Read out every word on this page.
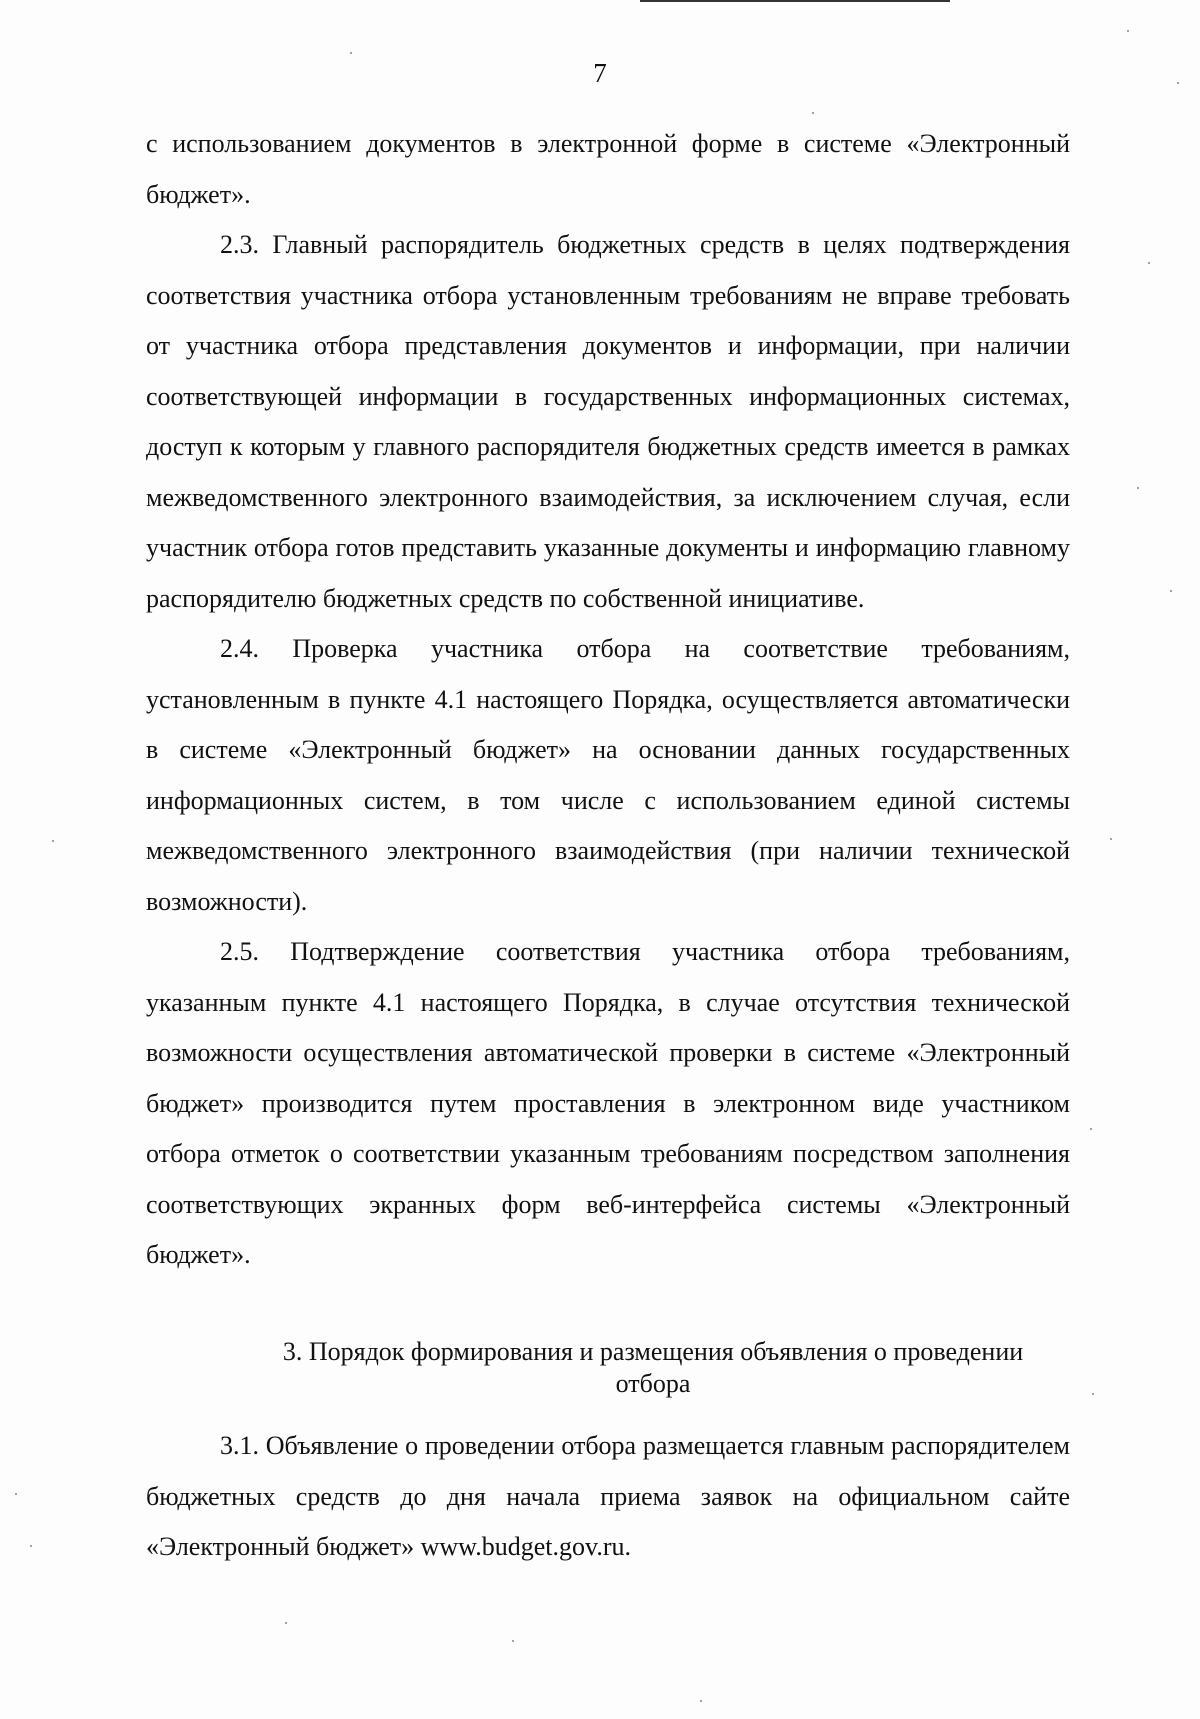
7

с использованием документов в электронной форме в системе «Электронный бюджет».

2.3. Главный распорядитель бюджетных средств в целях подтверждения соответствия участника отбора установленным требованиям не вправе требовать от участника отбора представления документов и информации, при наличии соответствующей информации в государственных информационных системах, доступ к которым у главного распорядителя бюджетных средств имеется в рамках межведомственного электронного взаимодействия, за исключением случая, если участник отбора готов представить указанные документы и информацию главному распорядителю бюджетных средств по собственной инициативе.

2.4. Проверка участника отбора на соответствие требованиям, установленным в пункте 4.1 настоящего Порядка, осуществляется автоматически в системе «Электронный бюджет» на основании данных государственных информационных систем, в том числе с использованием единой системы межведомственного электронного взаимодействия (при наличии технической возможности).

2.5. Подтверждение соответствия участника отбора требованиям, указанным пункте 4.1 настоящего Порядка, в случае отсутствия технической возможности осуществления автоматической проверки в системе «Электронный бюджет» производится путем проставления в электронном виде участником отбора отметок о соответствии указанным требованиям посредством заполнения соответствующих экранных форм веб-интерфейса системы «Электронный бюджет».

3. Порядок формирования и размещения объявления о проведении
отбора

3.1. Объявление о проведении отбора размещается главным распорядителем бюджетных средств до дня начала приема заявок на официальном сайте «Электронный бюджет» www.budget.gov.ru.
